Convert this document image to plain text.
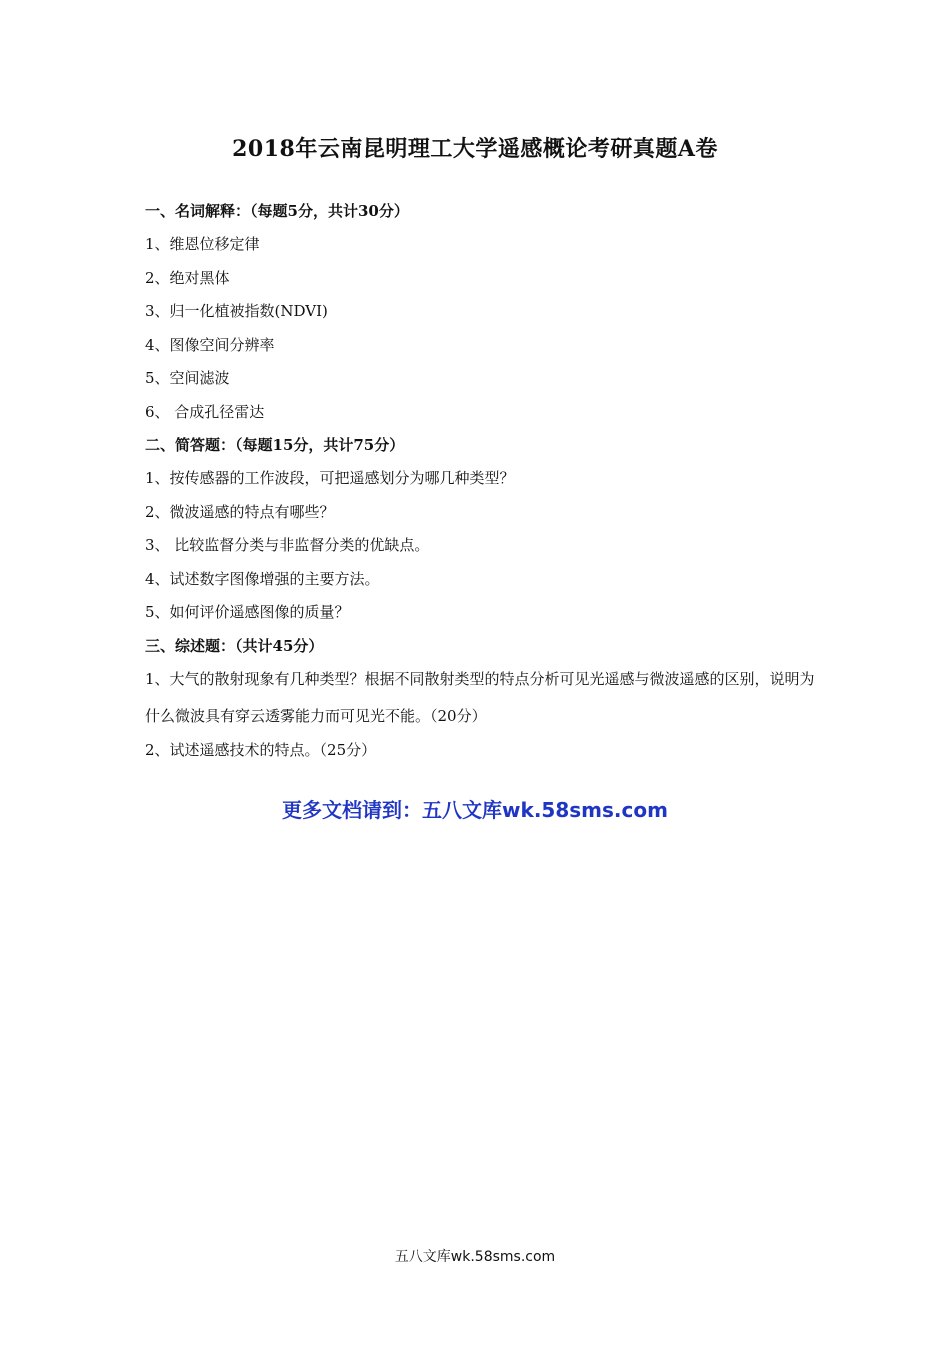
2018年云南昆明理工大学遥感概论考研真题A卷
一、名词解释：（每题5分，共计30分）
1、维恩位移定律
2、绝对黑体
3、归一化植被指数(NDVI)
4、图像空间分辨率
5、空间滤波
6、 合成孔径雷达
二、简答题：（每题15分，共计75分）
1、按传感器的工作波段，可把遥感划分为哪几种类型？
2、微波遥感的特点有哪些？
3、 比较监督分类与非监督分类的优缺点。
4、试述数字图像增强的主要方法。
5、如何评价遥感图像的质量？
三、综述题：（共计45分）
1、大气的散射现象有几种类型？根据不同散射类型的特点分析可见光遥感与微波遥感的区别，说明为什么微波具有穿云透雾能力而可见光不能。（20分）
2、试述遥感技术的特点。（25分）
更多文档请到：五八文库wk.58sms.com
五八文库wk.58sms.com
